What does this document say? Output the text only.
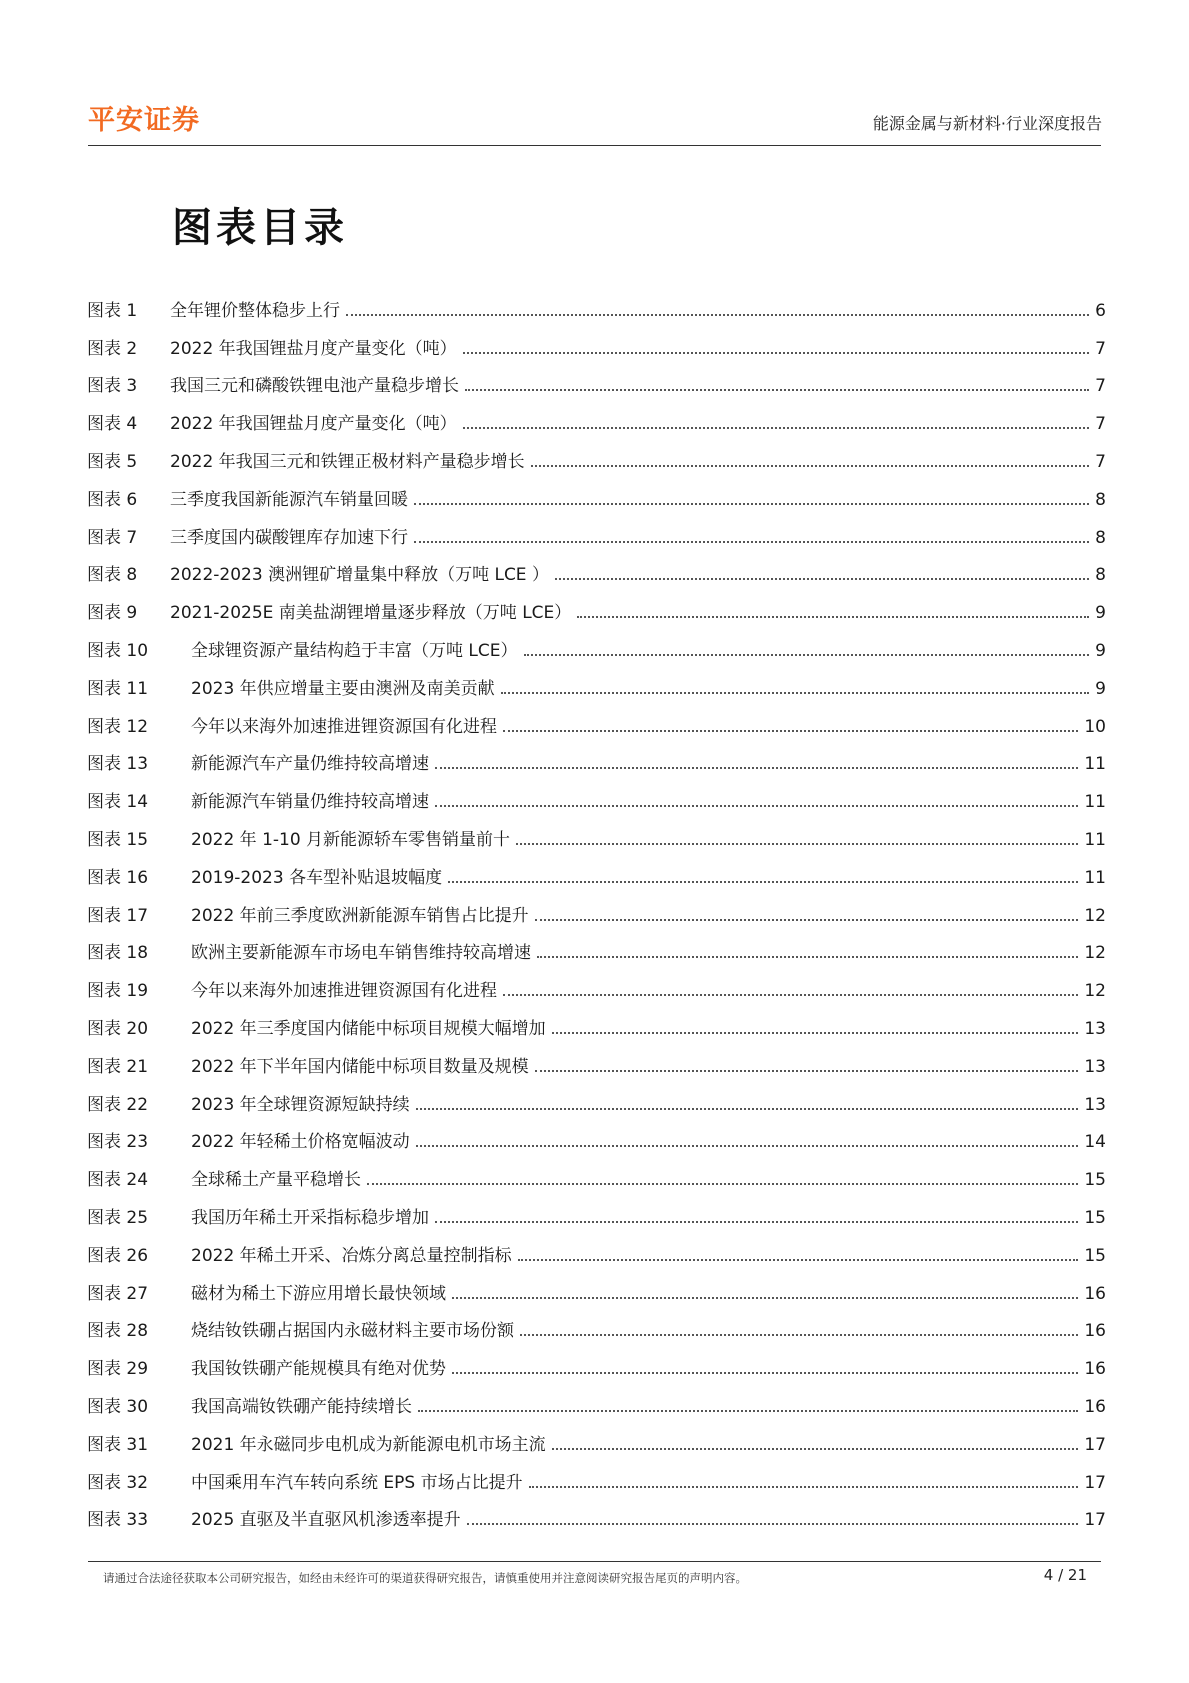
平安证券	能源金属与新材料·行业深度报告
图表目录
图表 1	全年锂价整体稳步上行	6
图表 2	2022 年我国锂盐月度产量变化（吨）	7
图表 3	我国三元和磷酸铁锂电池产量稳步增长	7
图表 4	2022 年我国锂盐月度产量变化（吨）	7
图表 5	2022 年我国三元和铁锂正极材料产量稳步增长	7
图表 6	三季度我国新能源汽车销量回暖	8
图表 7	三季度国内碳酸锂库存加速下行	8
图表 8	2022-2023 澳洲锂矿增量集中释放（万吨 LCE ）	8
图表 9	2021-2025E 南美盐湖锂增量逐步释放（万吨 LCE）	9
图表 10	全球锂资源产量结构趋于丰富（万吨 LCE）	9
图表 11	2023 年供应增量主要由澳洲及南美贡献	9
图表 12	今年以来海外加速推进锂资源国有化进程	10
图表 13	新能源汽车产量仍维持较高增速	11
图表 14	新能源汽车销量仍维持较高增速	11
图表 15	2022 年 1-10 月新能源轿车零售销量前十	11
图表 16	2019-2023 各车型补贴退坡幅度	11
图表 17	2022 年前三季度欧洲新能源车销售占比提升	12
图表 18	欧洲主要新能源车市场电车销售维持较高增速	12
图表 19	今年以来海外加速推进锂资源国有化进程	12
图表 20	2022 年三季度国内储能中标项目规模大幅增加	13
图表 21	2022 年下半年国内储能中标项目数量及规模	13
图表 22	2023 年全球锂资源短缺持续	13
图表 23	2022 年轻稀土价格宽幅波动	14
图表 24	全球稀土产量平稳增长	15
图表 25	我国历年稀土开采指标稳步增加	15
图表 26	2022 年稀土开采、冶炼分离总量控制指标	15
图表 27	磁材为稀土下游应用增长最快领域	16
图表 28	烧结钕铁硼占据国内永磁材料主要市场份额	16
图表 29	我国钕铁硼产能规模具有绝对优势	16
图表 30	我国高端钕铁硼产能持续增长	16
图表 31	2021 年永磁同步电机成为新能源电机市场主流	17
图表 32	中国乘用车汽车转向系统 EPS 市场占比提升	17
图表 33	2025 直驱及半直驱风机渗透率提升	17
请通过合法途径获取本公司研究报告，如经由未经许可的渠道获得研究报告，请慎重使用并注意阅读研究报告尾页的声明内容。	4 / 21
